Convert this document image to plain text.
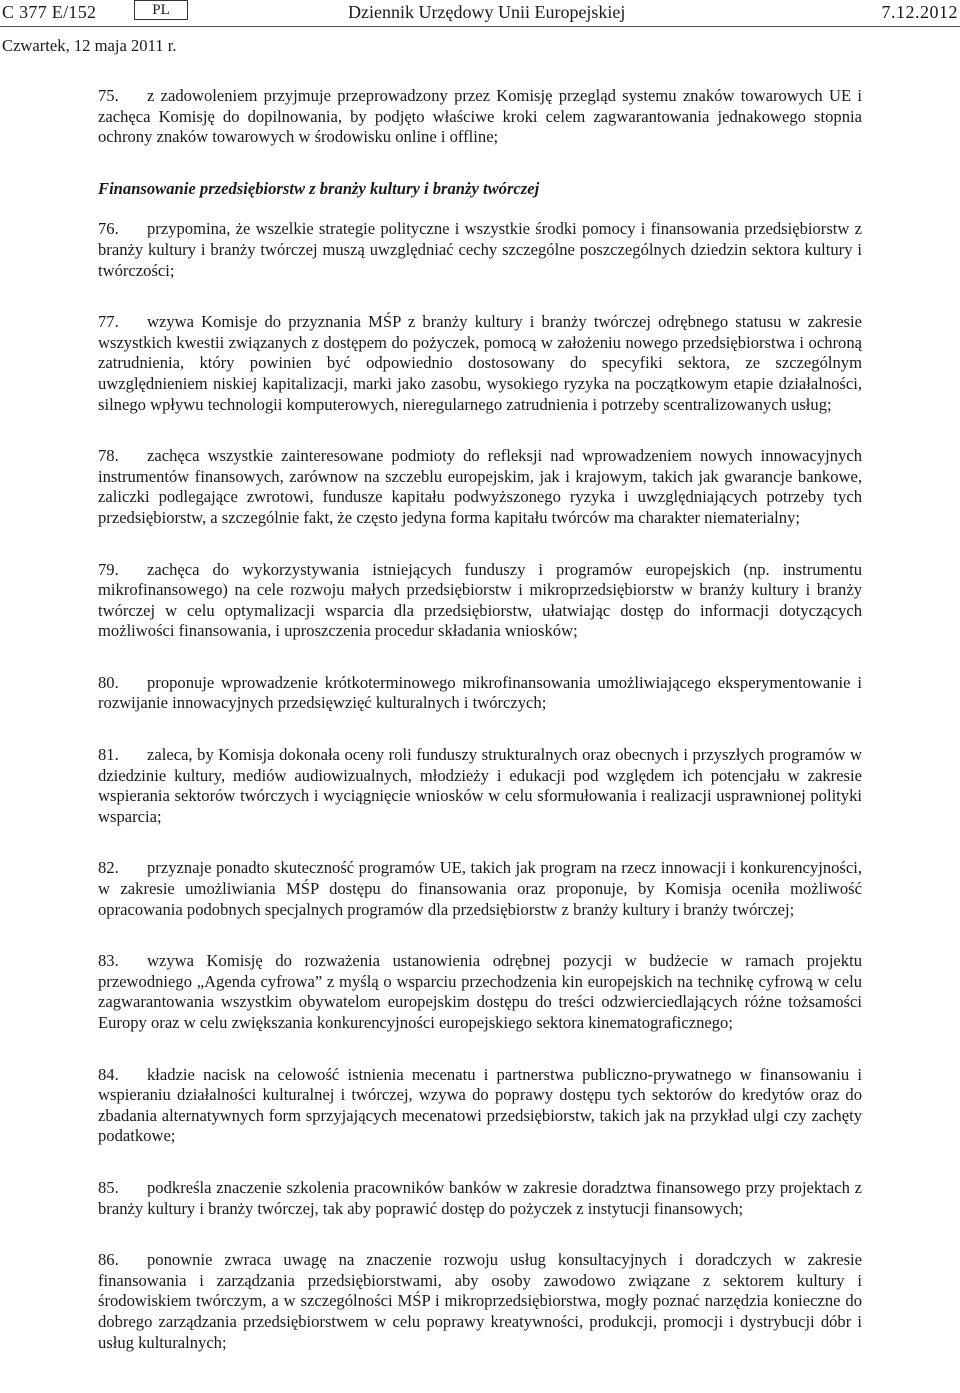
C 377 E/152	PL	Dziennik Urzędowy Unii Europejskiej	7.12.2012
Czwartek, 12 maja 2011 r.

75. z zadowoleniem przyjmuje przeprowadzony przez Komisję przegląd systemu znaków towarowych UE i zachęca Komisję do dopilnowania, by podjęto właściwe kroki celem zagwarantowania jednakowego stopnia ochrony znaków towarowych w środowisku online i offline;

Finansowanie przedsiębiorstw z branży kultury i branży twórczej

76. przypomina, że wszelkie strategie polityczne i wszystkie środki pomocy i finansowania przedsiębiorstw z branży kultury i branży twórczej muszą uwzględniać cechy szczególne poszczególnych dziedzin sektora kultury i twórczości;

77. wzywa Komisje do przyznania MŚP z branży kultury i branży twórczej odrębnego statusu w zakresie wszystkich kwestii związanych z dostępem do pożyczek, pomocą w założeniu nowego przedsiębiorstwa i ochroną zatrudnienia, który powinien być odpowiednio dostosowany do specyfiki sektora, ze szczególnym uwzględnieniem niskiej kapitalizacji, marki jako zasobu, wysokiego ryzyka na początkowym etapie działalności, silnego wpływu technologii komputerowych, nieregularnego zatrudnienia i potrzeby scentralizowanych usług;

78. zachęca wszystkie zainteresowane podmioty do refleksji nad wprowadzeniem nowych innowacyjnych instrumentów finansowych, zarównow na szczeblu europejskim, jak i krajowym, takich jak gwarancje bankowe, zaliczki podlegające zwrotowi, fundusze kapitału podwyższonego ryzyka i uwzględniających potrzeby tych przedsiębiorstw, a szczególnie fakt, że często jedyna forma kapitału twórców ma charakter niematerialny;

79. zachęca do wykorzystywania istniejących funduszy i programów europejskich (np. instrumentu mikrofinansowego) na cele rozwoju małych przedsiębiorstw i mikroprzedsiębiorstw w branży kultury i branży twórczej w celu optymalizacji wsparcia dla przedsiębiorstw, ułatwiając dostęp do informacji dotyczących możliwości finansowania, i uproszczenia procedur składania wniosków;

80. proponuje wprowadzenie krótkoterminowego mikrofinansowania umożliwiającego eksperymentowanie i rozwijanie innowacyjnych przedsięwzięć kulturalnych i twórczych;

81. zaleca, by Komisja dokonała oceny roli funduszy strukturalnych oraz obecnych i przyszłych programów w dziedzinie kultury, mediów audiowizualnych, młodzieży i edukacji pod względem ich potencjału w zakresie wspierania sektorów twórczych i wyciągnięcie wniosków w celu sformułowania i realizacji usprawnionej polityki wsparcia;

82. przyznaje ponadto skuteczność programów UE, takich jak program na rzecz innowacji i konkurencyjności, w zakresie umożliwiania MŚP dostępu do finansowania oraz proponuje, by Komisja oceniła możliwość opracowania podobnych specjalnych programów dla przedsiębiorstw z branży kultury i branży twórczej;

83. wzywa Komisję do rozważenia ustanowienia odrębnej pozycji w budżecie w ramach projektu przewodniego „Agenda cyfrowa” z myślą o wsparciu przechodzenia kin europejskich na technikę cyfrową w celu zagwarantowania wszystkim obywatelom europejskim dostępu do treści odzwierciedlających różne tożsamości Europy oraz w celu zwiększania konkurencyjności europejskiego sektora kinematograficznego;

84. kładzie nacisk na celowość istnienia mecenatu i partnerstwa publiczno-prywatnego w finansowaniu i wspieraniu działalności kulturalnej i twórczej, wzywa do poprawy dostępu tych sektorów do kredytów oraz do zbadania alternatywnych form sprzyjających mecenatowi przedsiębiorstw, takich jak na przykład ulgi czy zachęty podatkowe;

85. podkreśla znaczenie szkolenia pracowników banków w zakresie doradztwa finansowego przy projektach z branży kultury i branży twórczej, tak aby poprawić dostęp do pożyczek z instytucji finansowych;

86. ponownie zwraca uwagę na znaczenie rozwoju usług konsultacyjnych i doradczych w zakresie finansowania i zarządzania przedsiębiorstwami, aby osoby zawodowo związane z sektorem kultury i środowiskiem twórczym, a w szczególności MŚP i mikroprzedsiębiorstwa, mogły poznać narzędzia konieczne do dobrego zarządzania przedsiębiorstwem w celu poprawy kreatywności, produkcji, promocji i dystrybucji dóbr i usług kulturalnych;
